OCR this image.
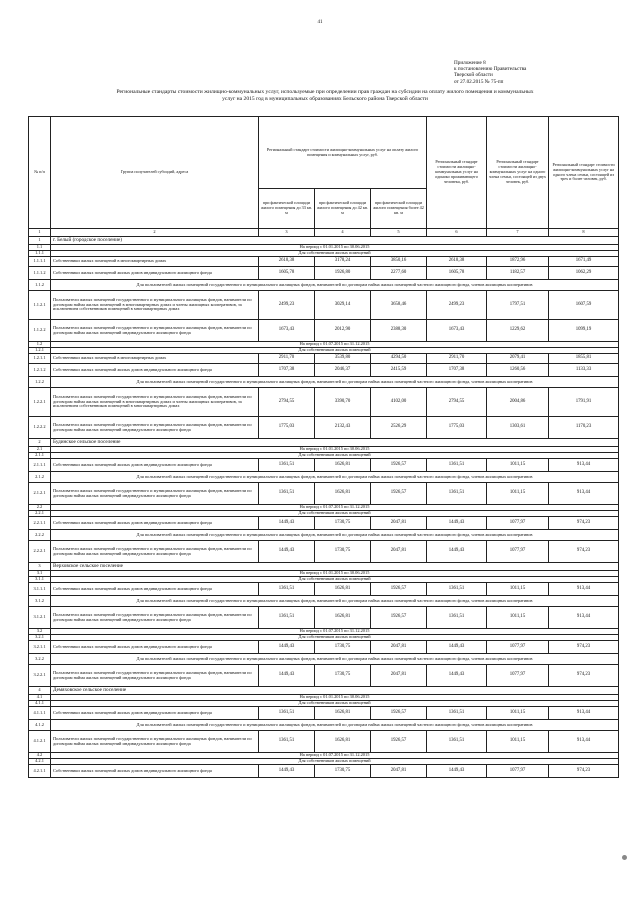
41
Приложение 8
к постановлению Правительства
Тверской области
от 27.02.2015 № 75-пп
Региональные стандарты стоимости жилищно-коммунальных услуг, используемые при определении прав граждан на субсидии на оплату жилого помещения и коммунальных
услуг на 2015 год в муниципальных образованиях Бельского района Тверской области
№ п/п	Группа получателей субсидий, адреса	Региональный стандарт стоимости жилищно-коммунальных услуг на оплату жилого помещения и коммунальных услуг, руб.			Региональный стандарт стоимости жилищно-коммунальных услуг на одиноко проживающего человека, руб.	Региональный стандарт стоимости жилищно-коммунальных услуг на одного члена семьи, состоящей из двух человек, руб.	Региональный стандарт стоимости жилищно-коммунальных услуг на одного члена семьи, состоящей из трех и более человек, руб.
		при фактической площади жилого помещения до 33 кв. м	при фактической площади жилого помещения до 42 кв. м	при фактической площади жилого помещения более 42 кв. м			
1	2	3	4	5	6	7	8
1	г. Белый (городское поселение)						
1.1	На период с 01.01.2015 по 30.06.2015						
1.1.1	Для собственников жилых помещений						
1.1.1.1	Собственники жилых помещений в многоквартирных домах	2618,38	3178,24	3850,16	2618,38	1872,96	1671,49
1.1.1.2	Собственники жилых помещений жилых домов индивидуального жилищного фонда	1605,78	1926,80	2277,60	1605,78	1182,57	1062,29
1.1.2	Для пользователей жилых помещений государственного и муниципального жилищных фондов, нанимателей по договорам найма жилых помещений частного жилищного фонда, членов жилищных кооперативов						
1.1.2.1	Пользователи жилых помещений государственного и муниципального жилищных фондов, наниматели по договорам найма жилых помещений в многоквартирных домах и члены жилищных кооперативов, за исключением собственников помещений в многоквартирных домах	2499,23	3029,14	3658,46	2499,23	1797,51	1607,59
1.1.2.2	Пользователи жилых помещений государственного и муниципального жилищных фондов, наниматели по договорам найма жилых помещений индивидуального жилищного фонда	1673,43	2012,90	2388,30	1673,43	1229,62	1099,19
1.2	На период с 01.07.2015 по 31.12.2015						
1.2.1	Для собственников жилых помещений						
1.2.1.1	Собственники жилых помещений в многоквартирных домах	2911,70	3539,80	4294,50	2911,70	2079,41	1855,81
1.2.1.2	Собственники жилых помещений жилых домов индивидуального жилищного фонда	1707,38	2046,37	2415,59	1707,38	1260,56	1133,33
1.2.2	Для пользователей жилых помещений государственного и муниципального жилищных фондов, нанимателей по договорам найма жилых помещений частного жилищного фонда, членов жилищных кооперативов						
1.2.2.1	Пользователи жилых помещений государственного и муниципального жилищных фондов, наниматели по договорам найма жилых помещений в многоквартирных домах и члены жилищных кооперативов, за исключением собственников помещений в многоквартирных домах	2794,55	3390,70	4102,00	2794,55	2004,86	1791,91
1.2.2.2	Пользователи жилых помещений государственного и муниципального жилищных фондов, наниматели по договорам найма жилых помещений индивидуального жилищного фонда	1775,03	2132,43	2526,29	1775,03	1303,61	1170,23
2	Будинское сельское поселение						
2.1	На период с 01.01.2015 по 30.06.2015						
2.1.1	Для собственников жилых помещений						
2.1.1.1	Собственники жилых помещений жилых домов индивидуального жилищного фонда	1361,51	1626,81	1926,57	1361,51	1011,15	913,44
2.1.2	Для пользователей жилых помещений государственного и муниципального жилищных фондов, нанимателей по договорам найма жилых помещений частного жилищного фонда, членов жилищных кооперативов						
2.1.2.1	Пользователи жилых помещений государственного и муниципального жилищных фондов, наниматели по договорам найма жилых помещений индивидуального жилищного фонда	1361,51	1626,81	1926,57	1361,51	1011,15	913,44
2.2	На период с 01.07.2015 по 31.12.2015						
2.2.1	Для собственников жилых помещений						
2.2.1.1	Собственники жилых помещений жилых домов индивидуального жилищного фонда	1449,43	1730,75	2047,81	1449,43	1077,97	974,23
2.2.2	Для пользователей жилых помещений государственного и муниципального жилищных фондов, нанимателей по договорам найма жилых помещений частного жилищного фонда, членов жилищных кооперативов						
2.2.2.1	Пользователи жилых помещений государственного и муниципального жилищных фондов, наниматели по договорам найма жилых помещений индивидуального жилищного фонда	1449,43	1730,75	2047,81	1449,43	1077,97	974,23
3	Верховское сельское поселение						
3.1	На период с 01.01.2015 по 30.06.2015						
3.1.1	Для собственников жилых помещений						
3.1.1.1	Собственники жилых помещений жилых домов индивидуального жилищного фонда	1361,51	1626,81	1926,57	1361,51	1011,15	913,44
3.1.2	Для пользователей жилых помещений государственного и муниципального жилищных фондов, нанимателей по договорам найма жилых помещений частного жилищного фонда, членов жилищных кооперативов						
3.1.2.1	Пользователи жилых помещений государственного и муниципального жилищных фондов, наниматели по договорам найма жилых помещений индивидуального жилищного фонда	1361,51	1626,81	1926,57	1361,51	1011,15	913,44
3.2	На период с 01.07.2015 по 31.12.2015						
3.2.1	Для собственников жилых помещений						
3.2.1.1	Собственники жилых помещений жилых домов индивидуального жилищного фонда	1449,43	1730,75	2047,81	1449,43	1077,97	974,23
3.2.2	Для пользователей жилых помещений государственного и муниципального жилищных фондов, нанимателей по договорам найма жилых помещений частного жилищного фонда, членов жилищных кооперативов						
3.2.2.1	Пользователи жилых помещений государственного и муниципального жилищных фондов, наниматели по договорам найма жилых помещений индивидуального жилищного фонда	1449,43	1730,75	2047,81	1449,43	1077,97	974,23
4	Демяховское сельское поселение						
4.1	На период с 01.01.2015 по 30.06.2015						
4.1.1	Для собственников жилых помещений						
4.1.1.1	Собственники жилых помещений жилых домов индивидуального жилищного фонда	1361,51	1626,81	1926,57	1361,51	1011,15	913,44
4.1.2	Для пользователей жилых помещений государственного и муниципального жилищных фондов, нанимателей по договорам найма жилых помещений частного жилищного фонда, членов жилищных кооперативов						
4.1.2.1	Пользователи жилых помещений государственного и муниципального жилищных фондов, наниматели по договорам найма жилых помещений индивидуального жилищного фонда	1361,51	1626,81	1926,57	1361,51	1011,15	913,44
4.2	На период с 01.07.2015 по 31.12.2015						
4.2.1	Для собственников жилых помещений						
4.2.1.1	Собственники жилых помещений жилых домов индивидуального жилищного фонда	1449,43	1730,75	2047,81	1449,43	1077,97	974,23
